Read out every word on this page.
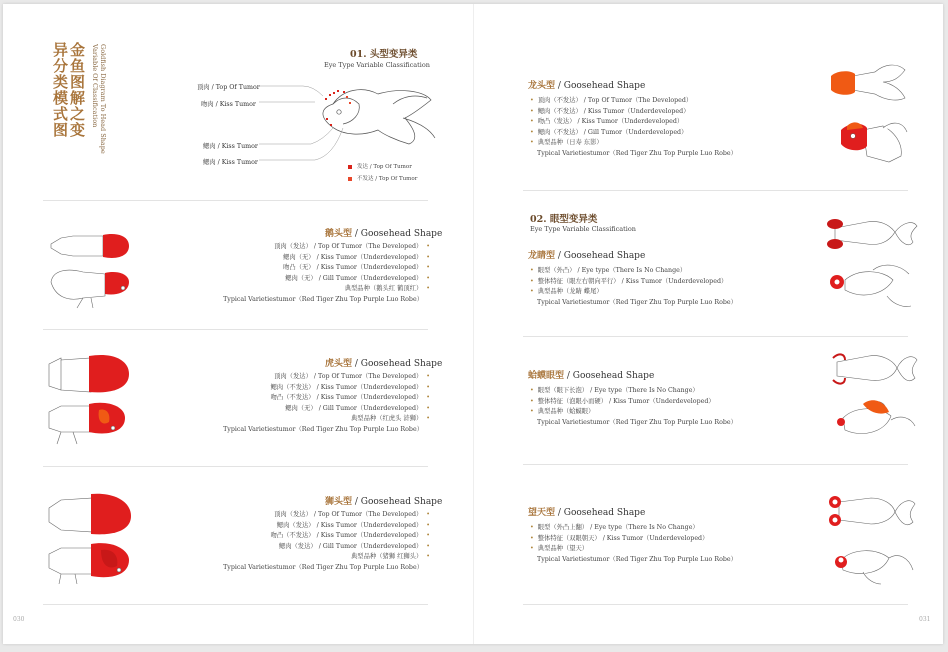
金鱼图解之变异分类模式图	Goldfish Diagram To Head Shape Variable Of Classification	01. 头型变异类
Eye Type Variable Classification
顶肉 / Top Of Tumor
吻肉 / Kiss Tumor
鳃肉 / Kiss Tumor
鳃肉 / Kiss Tumor
发达 / Top Of Tumor
不发达 / Top Of Tumor
鹅头型 / Goosehead Shape
顶肉（发达） / Top Of Tumor（The Developed） •
鳃肉（无） / Kiss Tumor（Underdeveloped） •
吻凸（无） / Kiss Tumor（Underdeveloped） •
鳃肉（无） / Gill Tumor（Underdeveloped） •
典型品种（鹅头红 鹤顶红） •
Typical Varietiestumor（Red Tiger Zhu Top Purple Luo Robe）
虎头型 / Goosehead Shape
顶肉（发达） / Top Of Tumor（The Developed） •
鳃肉（不发达） / Kiss Tumor（Underdeveloped） •
吻凸（不发达） / Kiss Tumor（Underdeveloped） •
鳃肉（无） / Gill Tumor（Underdeveloped） •
典型品种（红虎头 浒狮） •
Typical Varietiestumor（Red Tiger Zhu Top Purple Luo Robe）
狮头型 / Goosehead Shape
顶肉（发达） / Top Of Tumor（The Developed） •
鳃肉（发达） / Kiss Tumor（Underdeveloped） •
吻凸（不发达） / Kiss Tumor（Underdeveloped） •
鳃肉（发达） / Gill Tumor（Underdeveloped） •
典型品种（猪狮 红狮头） •
Typical Varietiestumor（Red Tiger Zhu Top Purple Luo Robe）
龙头型 / Goosehead Shape
• 顶肉（不发达） / Top Of Tumor（The Developed）
• 鳃肉（不发达） / Kiss Tumor（Underdeveloped）
• 吻凸（发达） / Kiss Tumor（Underdeveloped）
• 鳃肉（不发达） / Gill Tumor（Underdeveloped）
• 典型品种（日寿 东影）
Typical Varietiestumor（Red Tiger Zhu Top Purple Luo Robe）
02. 眼型变异类
Eye Type Variable Classification
龙睛型 / Goosehead Shape
• 眼型（外凸） / Eye type（There Is No Change）
• 整体特征（眼左右朝向平行） / Kiss Tumor（Underdeveloped）
• 典型品种（龙睛 蝶尾）
Typical Varietiestumor（Red Tiger Zhu Top Purple Luo Robe）
蛤蟆眼型 / Goosehead Shape
• 眼型（眼下长泡） / Eye type（There Is No Change）
• 整体特征（泡眼小而硬） / Kiss Tumor（Underdeveloped）
• 典型品种（蛤蟆眼）
Typical Varietiestumor（Red Tiger Zhu Top Purple Luo Robe）
望天型 / Goosehead Shape
• 眼型（外凸上翻） / Eye type（There Is No Change）
• 整体特征（双眼朝天） / Kiss Tumor（Underdeveloped）
• 典型品种（望天）
Typical Varietiestumor（Red Tiger Zhu Top Purple Luo Robe）
030	031
